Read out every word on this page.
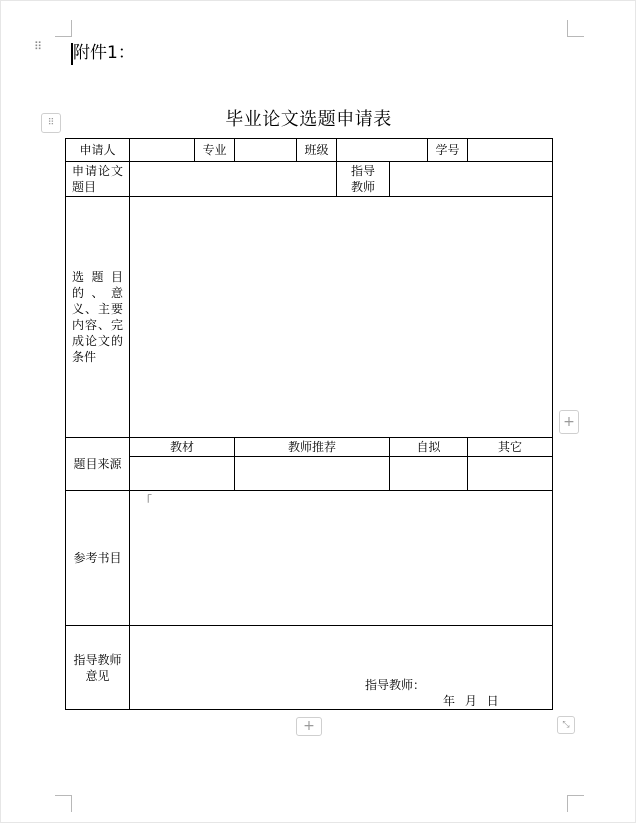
⠿ 附件1：
⠿	毕业论文选题申请表
申请人		专业		班级			学号	
申请论文题目					指导教师			
选题目的、意义、主要内容、完成论文的条件								
题目来源	教材		教师推荐			自拟		其它

参考书目	「							
指导教师意见	指导教师：
年 月 日							
+
+	⤡
